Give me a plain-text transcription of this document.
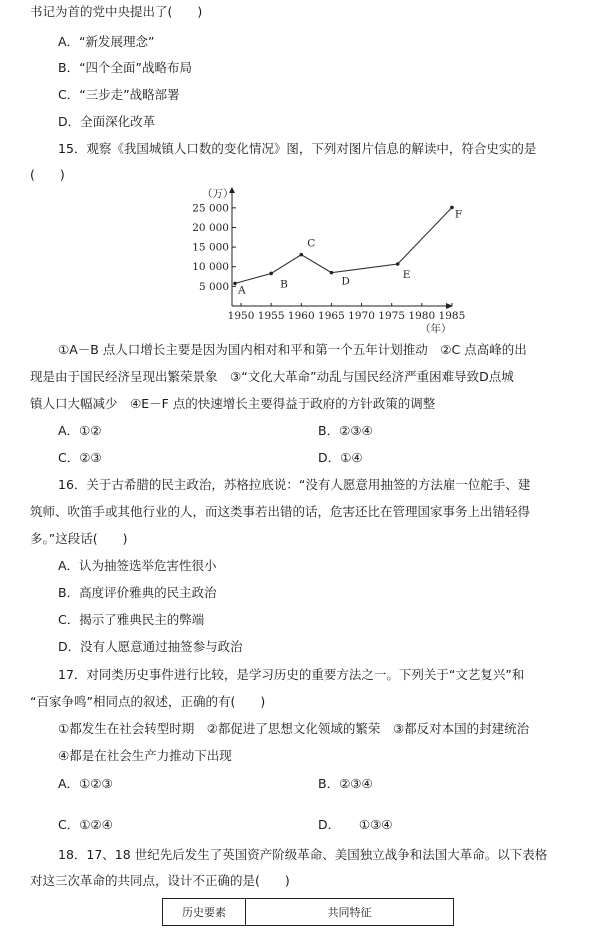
书记为首的党中央提出了(　　)
A．“新发展理念”
B．“四个全面”战略布局
C．“三步走”战略部署
D．全面深化改革
15．观察《我国城镇人口数的变化情况》图，下列对图片信息的解读中，符合史实的是
(　　)
5 000
10 000
15 000
20 000
25 000
1950 1955 1960 1965 1970 1975 1980 1985
A	B
C
D
E
F
（万）
（年）
①A－B 点人口增长主要是因为国内相对和平和第一个五年计划推动　②C 点高峰的出
现是由于国民经济呈现出繁荣景象　③“文化大革命”动乱与国民经济严重困难导致D点城
镇人口大幅减少　④E－F 点的快速增长主要得益于政府的方针政策的调整
A．①②	B．②③④
C．②③	D．①④
16．关于古希腊的民主政治，苏格拉底说：“没有人愿意用抽签的方法雇一位舵手、建
筑师、吹笛手或其他行业的人，而这类事若出错的话，危害还比在管理国家事务上出错轻得
多。”这段话(　　)
A．认为抽签选举危害性很小
B．高度评价雅典的民主政治
C．揭示了雅典民主的弊端
D．没有人愿意通过抽签参与政治
17．对同类历史事件进行比较，是学习历史的重要方法之一。下列关于“文艺复兴”和
“百家争鸣”相同点的叙述，正确的有(　　)
①都发生在社会转型时期　②都促进了思想文化领域的繁荣　③都反对本国的封建统治
④都是在社会生产力推动下出现
A．①②③	B．②③④
C．①②④	D．　　①③④
18．17、18 世纪先后发生了英国资产阶级革命、美国独立战争和法国大革命。以下表格
对这三次革命的共同点，设计不正确的是(　　)
历史要素	共同特征
